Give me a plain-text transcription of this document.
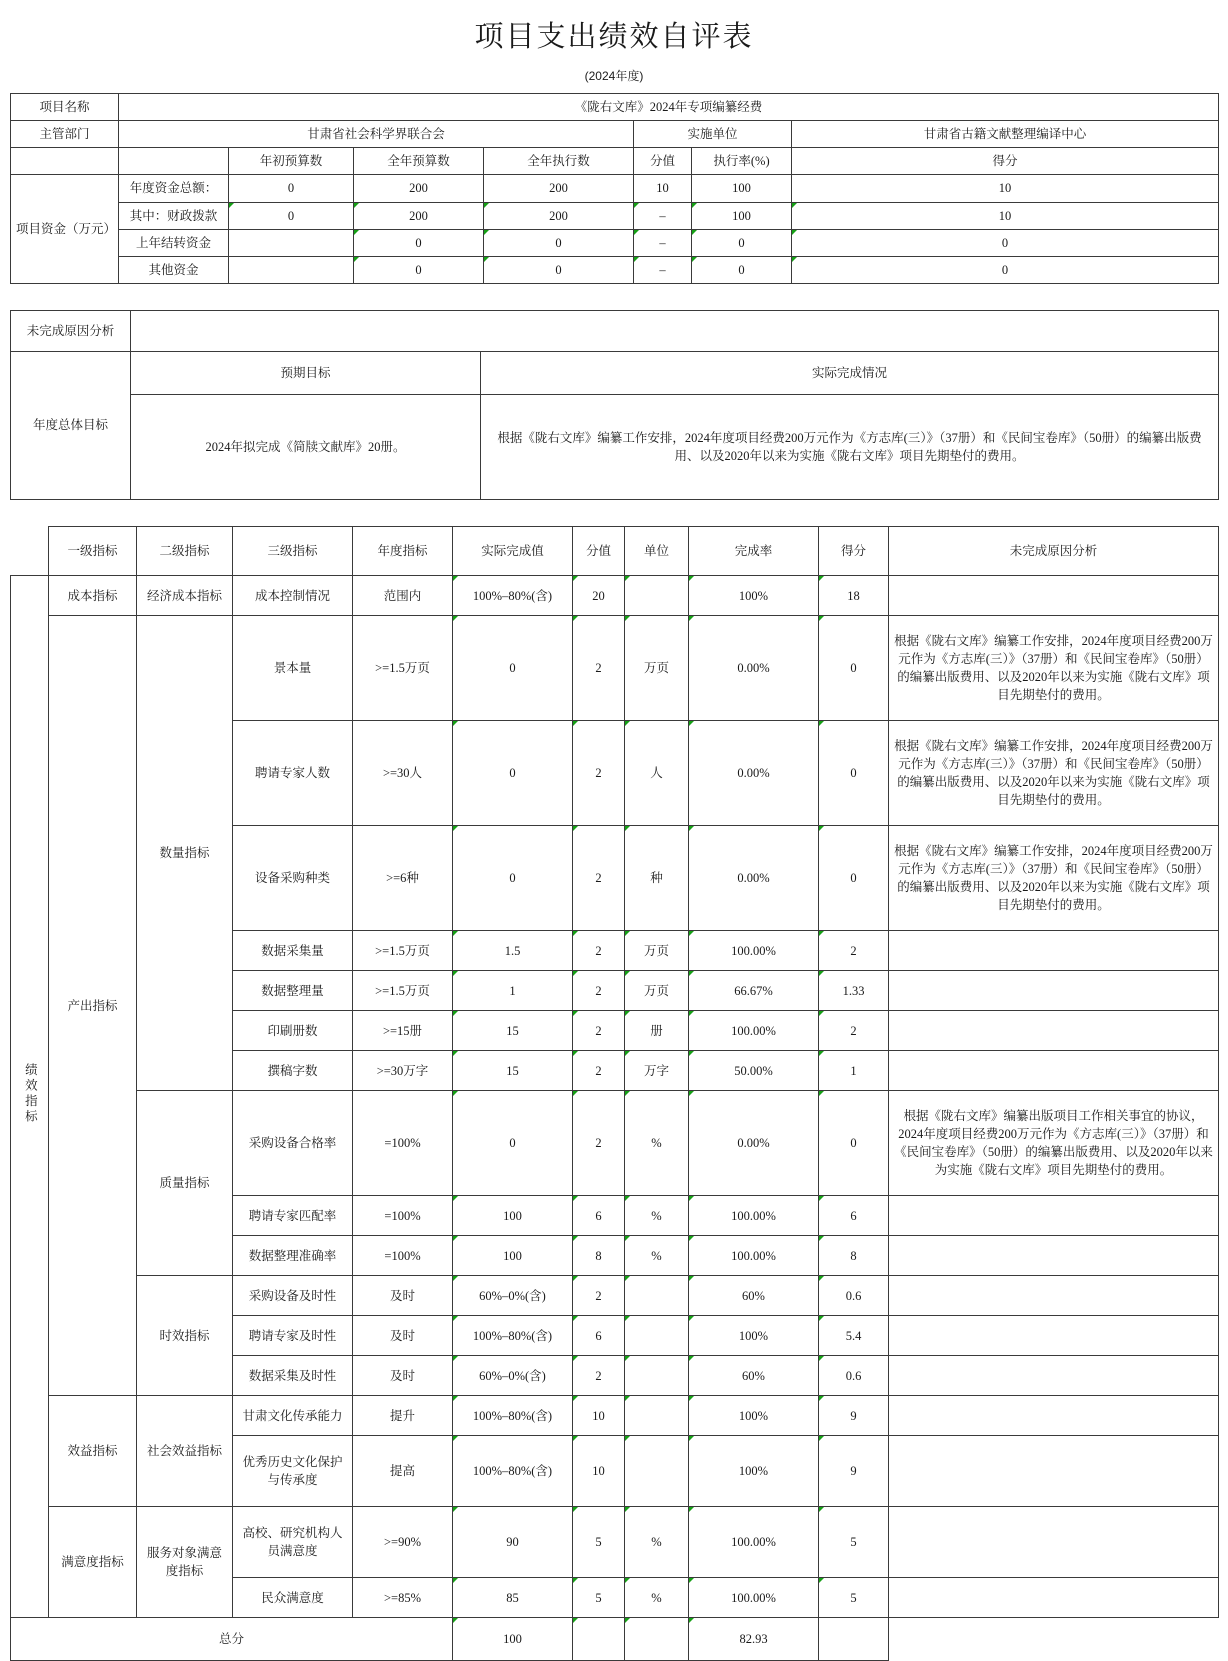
项目支出绩效自评表
(2024年度)
项目名称	《陇右文库》2024年专项编纂经费						
主管部门	甘肃省社会科学界联合会				实施单位		甘肃省古籍文献整理编译中心
		年初预算数	全年预算数	全年执行数	分值	执行率(%)	得分
项目资金（万元）	年度资金总额：	0	200	200	10	100	10
	其中：财政拨款	0	200	200	–	100	10
	上年结转资金		0	0	–	0	0
	其他资金		0	0	–	0	0

未完成原因分析		
年度总体目标	预期目标	实际完成情况
	2024年拟完成《简牍文献库》20册。	根据《陇右文库》编纂工作安排，2024年度项目经费200万元作为《方志库(三）》（37册）和《民间宝卷库》（50册）的编纂出版费用、以及2020年以来为实施《陇右文库》项目先期垫付的费用。

	一级指标	二级指标	三级指标	年度指标	实际完成值	分值	单位	完成率	得分	未完成原因分析
绩效指标	成本指标	经济成本指标	成本控制情况	范围内	100%–80%(含)	20		100%	18	
	产出指标	数量指标	景本量	>=1.5万页	0	2	万页	0.00%	0	根据《陇右文库》编纂工作安排，2024年度项目经费200万元作为《方志库(三）》（37册）和《民间宝卷库》（50册）的编纂出版费用、以及2020年以来为实施《陇右文库》项目先期垫付的费用。
			聘请专家人数	>=30人	0	2	人	0.00%	0	根据《陇右文库》编纂工作安排，2024年度项目经费200万元作为《方志库(三）》（37册）和《民间宝卷库》（50册）的编纂出版费用、以及2020年以来为实施《陇右文库》项目先期垫付的费用。
			设备采购种类	>=6种	0	2	种	0.00%	0	根据《陇右文库》编纂工作安排，2024年度项目经费200万元作为《方志库(三）》（37册）和《民间宝卷库》（50册）的编纂出版费用、以及2020年以来为实施《陇右文库》项目先期垫付的费用。
			数据采集量	>=1.5万页	1.5	2	万页	100.00%	2	
			数据整理量	>=1.5万页	1	2	万页	66.67%	1.33	
			印刷册数	>=15册	15	2	册	100.00%	2	
			撰稿字数	>=30万字	15	2	万字	50.00%	1	
		质量指标	采购设备合格率	=100%	0	2	%	0.00%	0	根据《陇右文库》编纂出版项目工作相关事宜的协议，2024年度项目经费200万元作为《方志库(三）》（37册）和《民间宝卷库》（50册）的编纂出版费用、以及2020年以来为实施《陇右文库》项目先期垫付的费用。
			聘请专家匹配率	=100%	100	6	%	100.00%	6	
			数据整理准确率	=100%	100	8	%	100.00%	8	
		时效指标	采购设备及时性	及时	60%–0%(含)	2		60%	0.6	
			聘请专家及时性	及时	100%–80%(含)	6		100%	5.4	
			数据采集及时性	及时	60%–0%(含)	2		60%	0.6	
	效益指标	社会效益指标	甘肃文化传承能力	提升	100%–80%(含)	10		100%	9	
			优秀历史文化保护与传承度	提高	100%–80%(含)	10		100%	9	
	满意度指标	服务对象满意度指标	高校、研究机构人员满意度	>=90%	90	5	%	100.00%	5	
			民众满意度	>=85%	85	5	%	100.00%	5	
总分					100			82.93		
